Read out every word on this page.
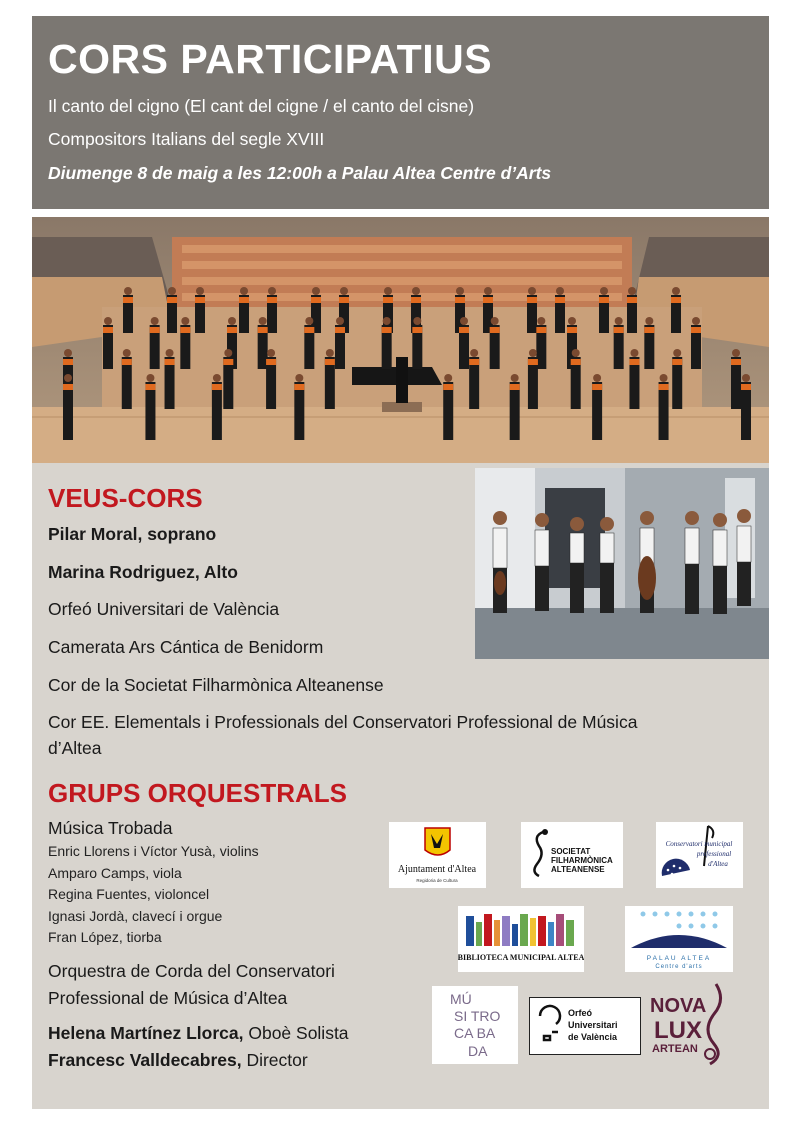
CORS PARTICIPATIUS
Il canto del cigno (El cant del cigne / el canto del cisne)
Compositors Italians del segle XVIII
Diumenge 8 de maig a les 12:00h a Palau Altea Centre d’Arts
VEUS-CORS
Pilar Moral, soprano
Marina Rodriguez, Alto
Orfeó Universitari de València
Camerata Ars Cántica de Benidorm
Cor de la Societat Filharmònica Alteanense
Cor EE. Elementals i Professionals del Conservatori Professional de Música
d’Altea
GRUPS ORQUESTRALS
Música Trobada
Enric Llorens i Víctor Yusà, violins
Amparo Camps, viola
Regina Fuentes, violoncel
Ignasi Jordà, clavecí i orgue
Fran López, tiorba
Orquestra de Corda del Conservatori
Professional de Música d’Altea
Helena Martínez Llorca, Oboè Solista
Francesc Valldecabres, Director
Ajuntament d'Altea
Regidoria de Cultura
SOCIETAT
FILHARMÒNICA
ALTEANENSE
Conservatori municipal
professional
d'Altea
BIBLIOTECA MUNICIPAL ALTEA	PALAU ALTEA
Centre d'arts
MÚ
SI TRO
CA BA
DA
Orfeó
Universitari
de València
NOVA
LUX
ARTEAN
